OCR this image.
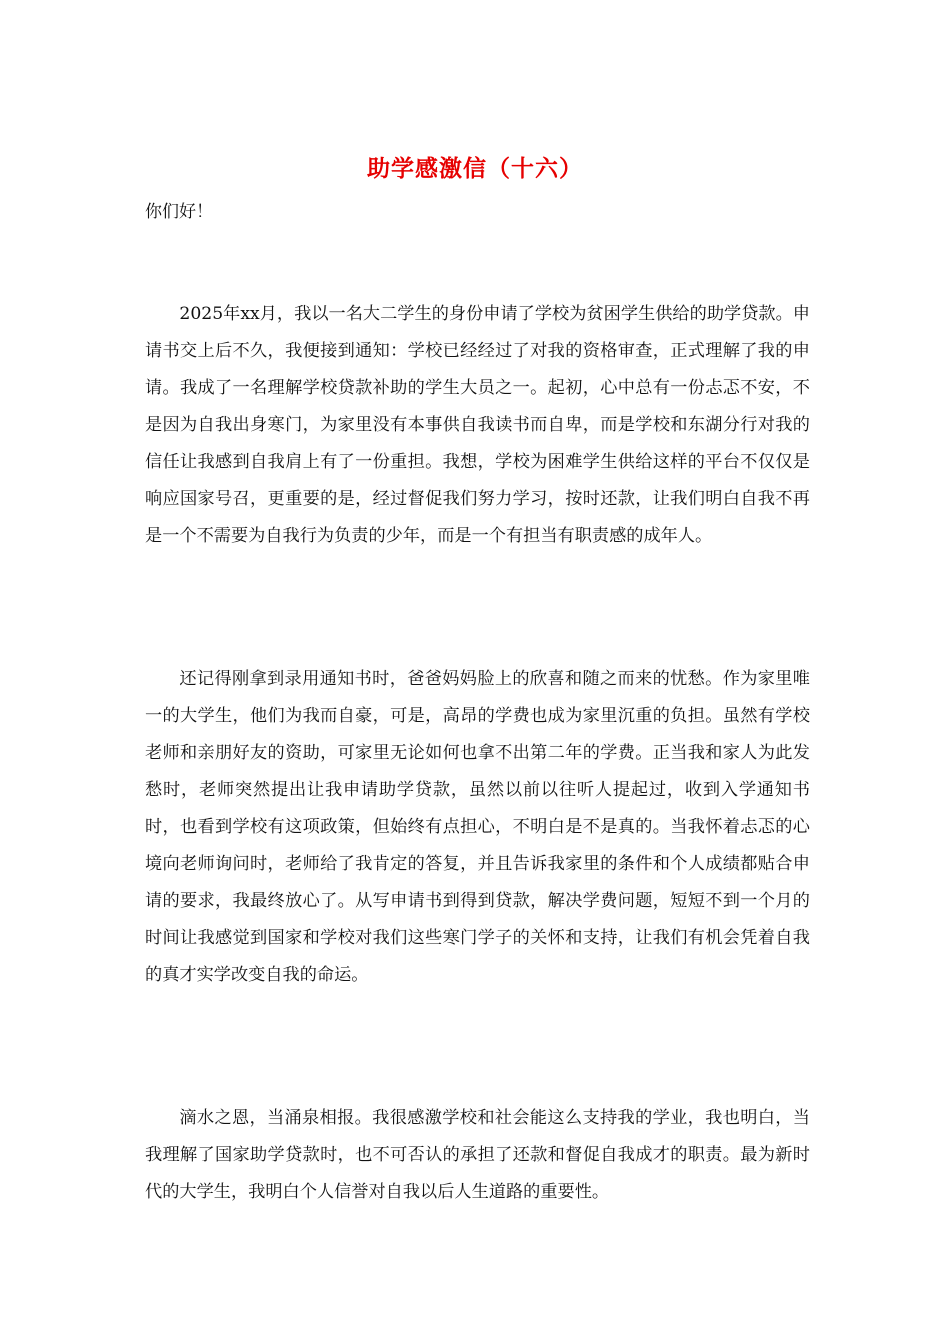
助学感激信（十六）
你们好！

2025年xx月，我以一名大二学生的身份申请了学校为贫困学生供给的助学贷款。申请书交上后不久，我便接到通知：学校已经经过了对我的资格审查，正式理解了我的申请。我成了一名理解学校贷款补助的学生大员之一。起初，心中总有一份忐忑不安，不是因为自我出身寒门，为家里没有本事供自我读书而自卑，而是学校和东湖分行对我的信任让我感到自我肩上有了一份重担。我想，学校为困难学生供给这样的平台不仅仅是响应国家号召，更重要的是，经过督促我们努力学习，按时还款，让我们明白自我不再是一个不需要为自我行为负责的少年，而是一个有担当有职责感的成年人。

还记得刚拿到录用通知书时，爸爸妈妈脸上的欣喜和随之而来的忧愁。作为家里唯一的大学生，他们为我而自豪，可是，高昂的学费也成为家里沉重的负担。虽然有学校老师和亲朋好友的资助，可家里无论如何也拿不出第二年的学费。正当我和家人为此发愁时，老师突然提出让我申请助学贷款，虽然以前以往听人提起过，收到入学通知书时，也看到学校有这项政策，但始终有点担心，不明白是不是真的。当我怀着忐忑的心境向老师询问时，老师给了我肯定的答复，并且告诉我家里的条件和个人成绩都贴合申请的要求，我最终放心了。从写申请书到得到贷款，解决学费问题，短短不到一个月的时间让我感觉到国家和学校对我们这些寒门学子的关怀和支持，让我们有机会凭着自我的真才实学改变自我的命运。

滴水之恩，当涌泉相报。我很感激学校和社会能这么支持我的学业，我也明白，当我理解了国家助学贷款时，也不可否认的承担了还款和督促自我成才的职责。最为新时代的大学生，我明白个人信誉对自我以后人生道路的重要性。
